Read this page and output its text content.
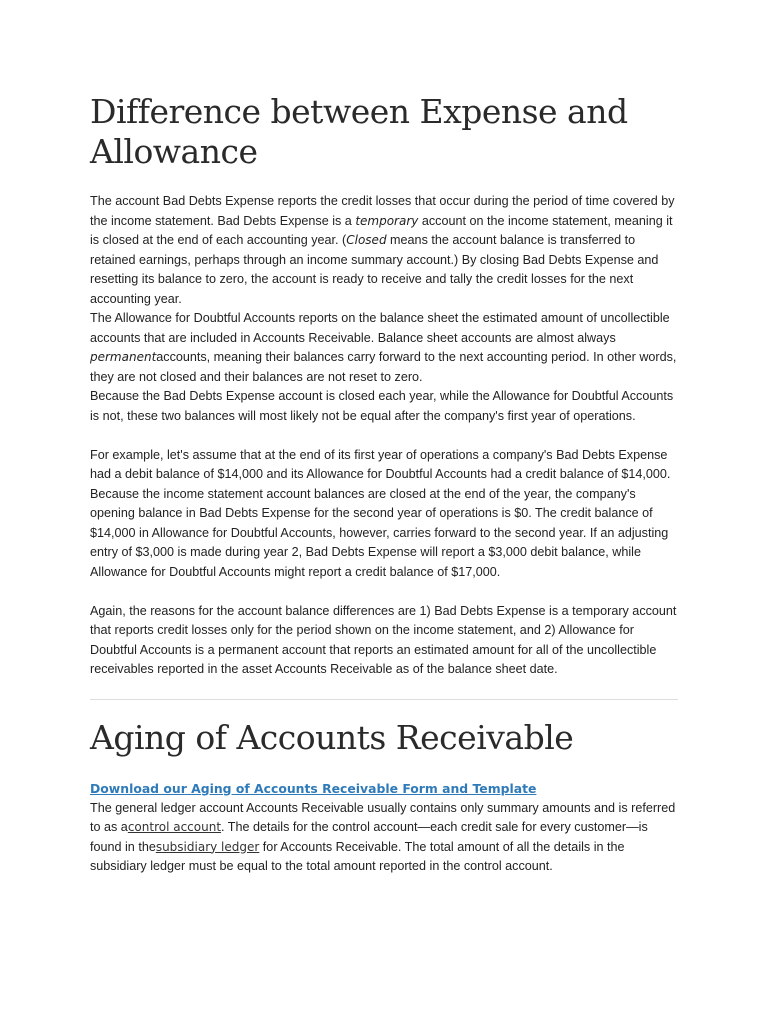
Difference between Expense and Allowance

The account Bad Debts Expense reports the credit losses that occur during the period of time covered by the income statement. Bad Debts Expense is a temporary account on the income statement, meaning it is closed at the end of each accounting year. (Closed means the account balance is transferred to retained earnings, perhaps through an income summary account.) By closing Bad Debts Expense and resetting its balance to zero, the account is ready to receive and tally the credit losses for the next accounting year.

The Allowance for Doubtful Accounts reports on the balance sheet the estimated amount of uncollectible accounts that are included in Accounts Receivable. Balance sheet accounts are almost always permanentaccounts, meaning their balances carry forward to the next accounting period. In other words, they are not closed and their balances are not reset to zero.

Because the Bad Debts Expense account is closed each year, while the Allowance for Doubtful Accounts is not, these two balances will most likely not be equal after the company's first year of operations.

For example, let's assume that at the end of its first year of operations a company's Bad Debts Expense had a debit balance of $14,000 and its Allowance for Doubtful Accounts had a credit balance of $14,000. Because the income statement account balances are closed at the end of the year, the company's opening balance in Bad Debts Expense for the second year of operations is $0. The credit balance of $14,000 in Allowance for Doubtful Accounts, however, carries forward to the second year. If an adjusting entry of $3,000 is made during year 2, Bad Debts Expense will report a $3,000 debit balance, while Allowance for Doubtful Accounts might report a credit balance of $17,000.

Again, the reasons for the account balance differences are 1) Bad Debts Expense is a temporary account that reports credit losses only for the period shown on the income statement, and 2) Allowance for Doubtful Accounts is a permanent account that reports an estimated amount for all of the uncollectible receivables reported in the asset Accounts Receivable as of the balance sheet date.

Aging of Accounts Receivable
Download our Aging of Accounts Receivable Form and Template

The general ledger account Accounts Receivable usually contains only summary amounts and is referred to as acontrol account. The details for the control account—each credit sale for every customer—is found in thesubsidiary ledger for Accounts Receivable. The total amount of all the details in the subsidiary ledger must be equal to the total amount reported in the control account.
